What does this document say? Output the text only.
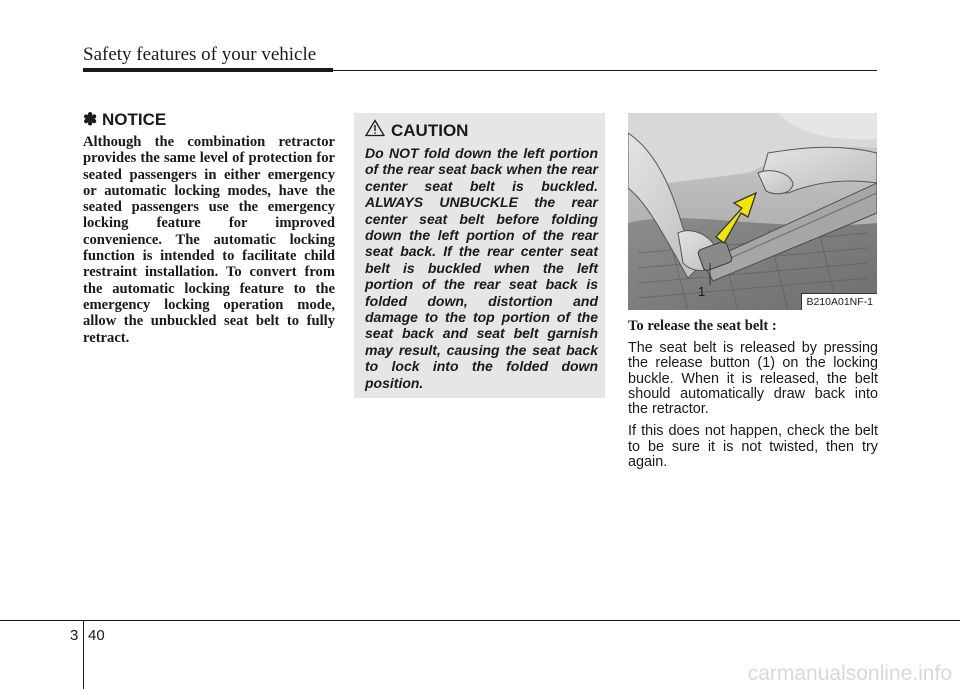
Safety features of your vehicle
✽ NOTICE

Although the combination retractor provides the same level of protection for seated passengers in either emergency or automatic locking modes, have the seated passengers use the emergency locking feature for improved convenience. The automatic locking function is intended to facilitate child restraint installation. To convert from the automatic locking feature to the emergency locking operation mode, allow the unbuckled seat belt to fully retract.

CAUTION

Do NOT fold down the left portion of the rear seat back when the rear center seat belt is buckled. ALWAYS UNBUCKLE the rear center seat belt before folding down the left portion of the rear seat back. If the rear center seat belt is buckled when the left portion of the rear seat back is folded down, distortion and damage to the top portion of the seat back and seat belt garnish may result, causing the seat back to lock into the folded down position.

1
B210A01NF-1
To release the seat belt :

The seat belt is released by pressing the release button (1) on the locking buckle. When it is released, the belt should automatically draw back into the retractor.

If this does not happen, check the belt to be sure it is not twisted, then try again.

3 40
carmanualsonline.info
